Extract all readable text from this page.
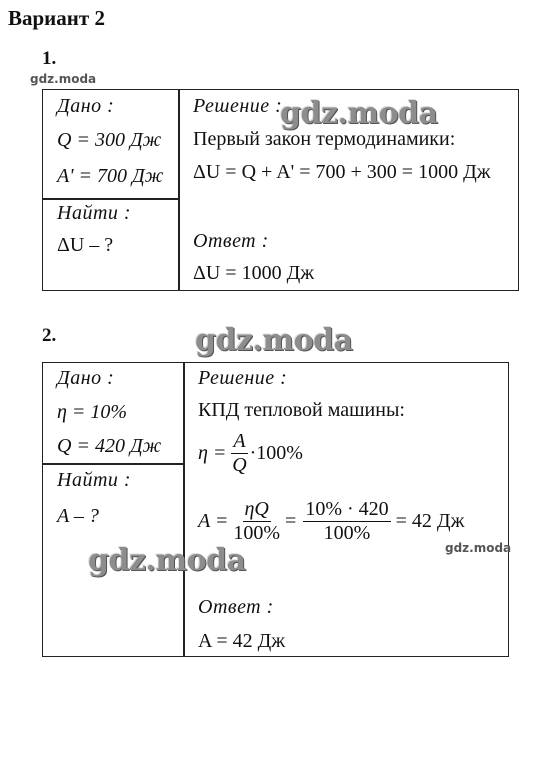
Вариант 2
1.
gdz.moda
Дано :
Q = 300 Дж
A' = 700 Дж
Найти :
ΔU – ?
Решение :
Первый закон термодинамики:
ΔU = Q + A' = 700 + 300 = 1000 Дж
Ответ :
ΔU = 1000 Дж
gdz.moda
2.	gdz.moda
Дано :
η = 10%
Q = 420 Дж
Найти :
A – ?
Решение :
КПД тепловой машины:
$\eta = \frac{A}{Q} \cdot 100\%$
$A = \frac{\eta Q}{100\%} = \frac{10\% \cdot 420}{100\%} = 42$ Дж
Ответ :
A = 42 Дж
gdz.moda	gdz.moda
